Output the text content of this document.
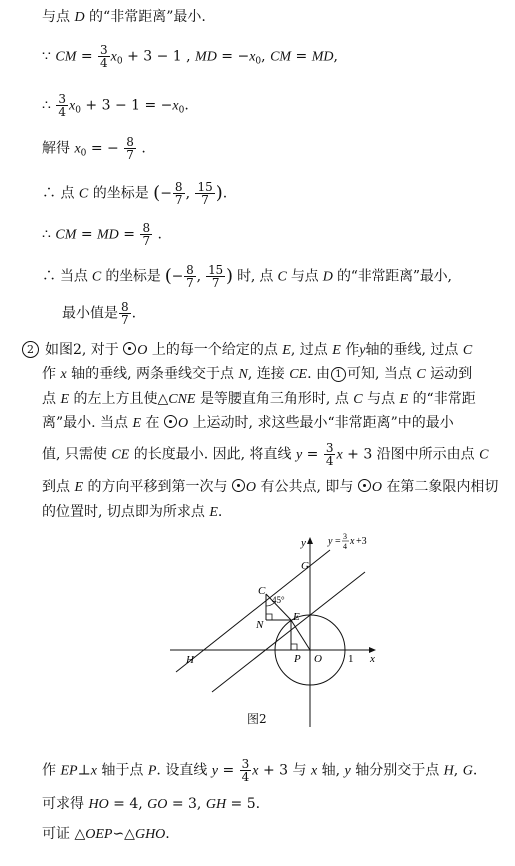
与点 D 的“非常距离”最小.
∵ CM = $\frac{3}{4} x_0 + 3 - 1$ , MD = $-x_0$, CM = MD,
∴ $\frac{3}{4} x_0 + 3 - 1 = -x_0$.
解得 $x_0$ = − $\frac{8}{7}$ .
∴ 点 C 的坐标是 (− $\frac{8}{7}$ , $\frac{15}{7}$ ).
∴ CM = MD = $\frac{8}{7}$ .
∴ 当点 C 的坐标是 (− $\frac{8}{7}$ , $\frac{15}{7}$ ) 时, 点 C 与点 D 的“非常距离”最小,
最小值是 $\frac{8}{7}$ .
2 如图2, 对于 O 上的每一个给定的点 E, 过点 E 作y轴的垂线, 过点 C
作 x 轴的垂线, 两条垂线交于点 N, 连接 CE. 由 1 可知, 当点 C 运动到
点 E 的左上方且使△CNE 是等腰直角三角形时, 点 C 与点 E 的“非常距
离”最小. 当点 E 在 O 上运动时, 求这些最小“非常距离”中的最小
值, 只需使 CE 的长度最小. 因此, 将直线 $y = \frac{3}{4}$ x + 3 沿图中所示由点 C
到点 E 的方向平移到第一次与 O 有公共点, 即与 O 在第二象限内相切
的位置时, 切点即为所求点 E.
C
G
E
N
H	P O 1 x
y
45°
y = 3
4 x +3
图2
作 EP⊥x 轴于点 P. 设直线 $y = \frac{3}{4}$ x + 3 与 x 轴, y 轴分别交于点 H, G.
可求得 HO = 4, GO = 3, GH = 5.
可证 △OEP∽△GHO.
